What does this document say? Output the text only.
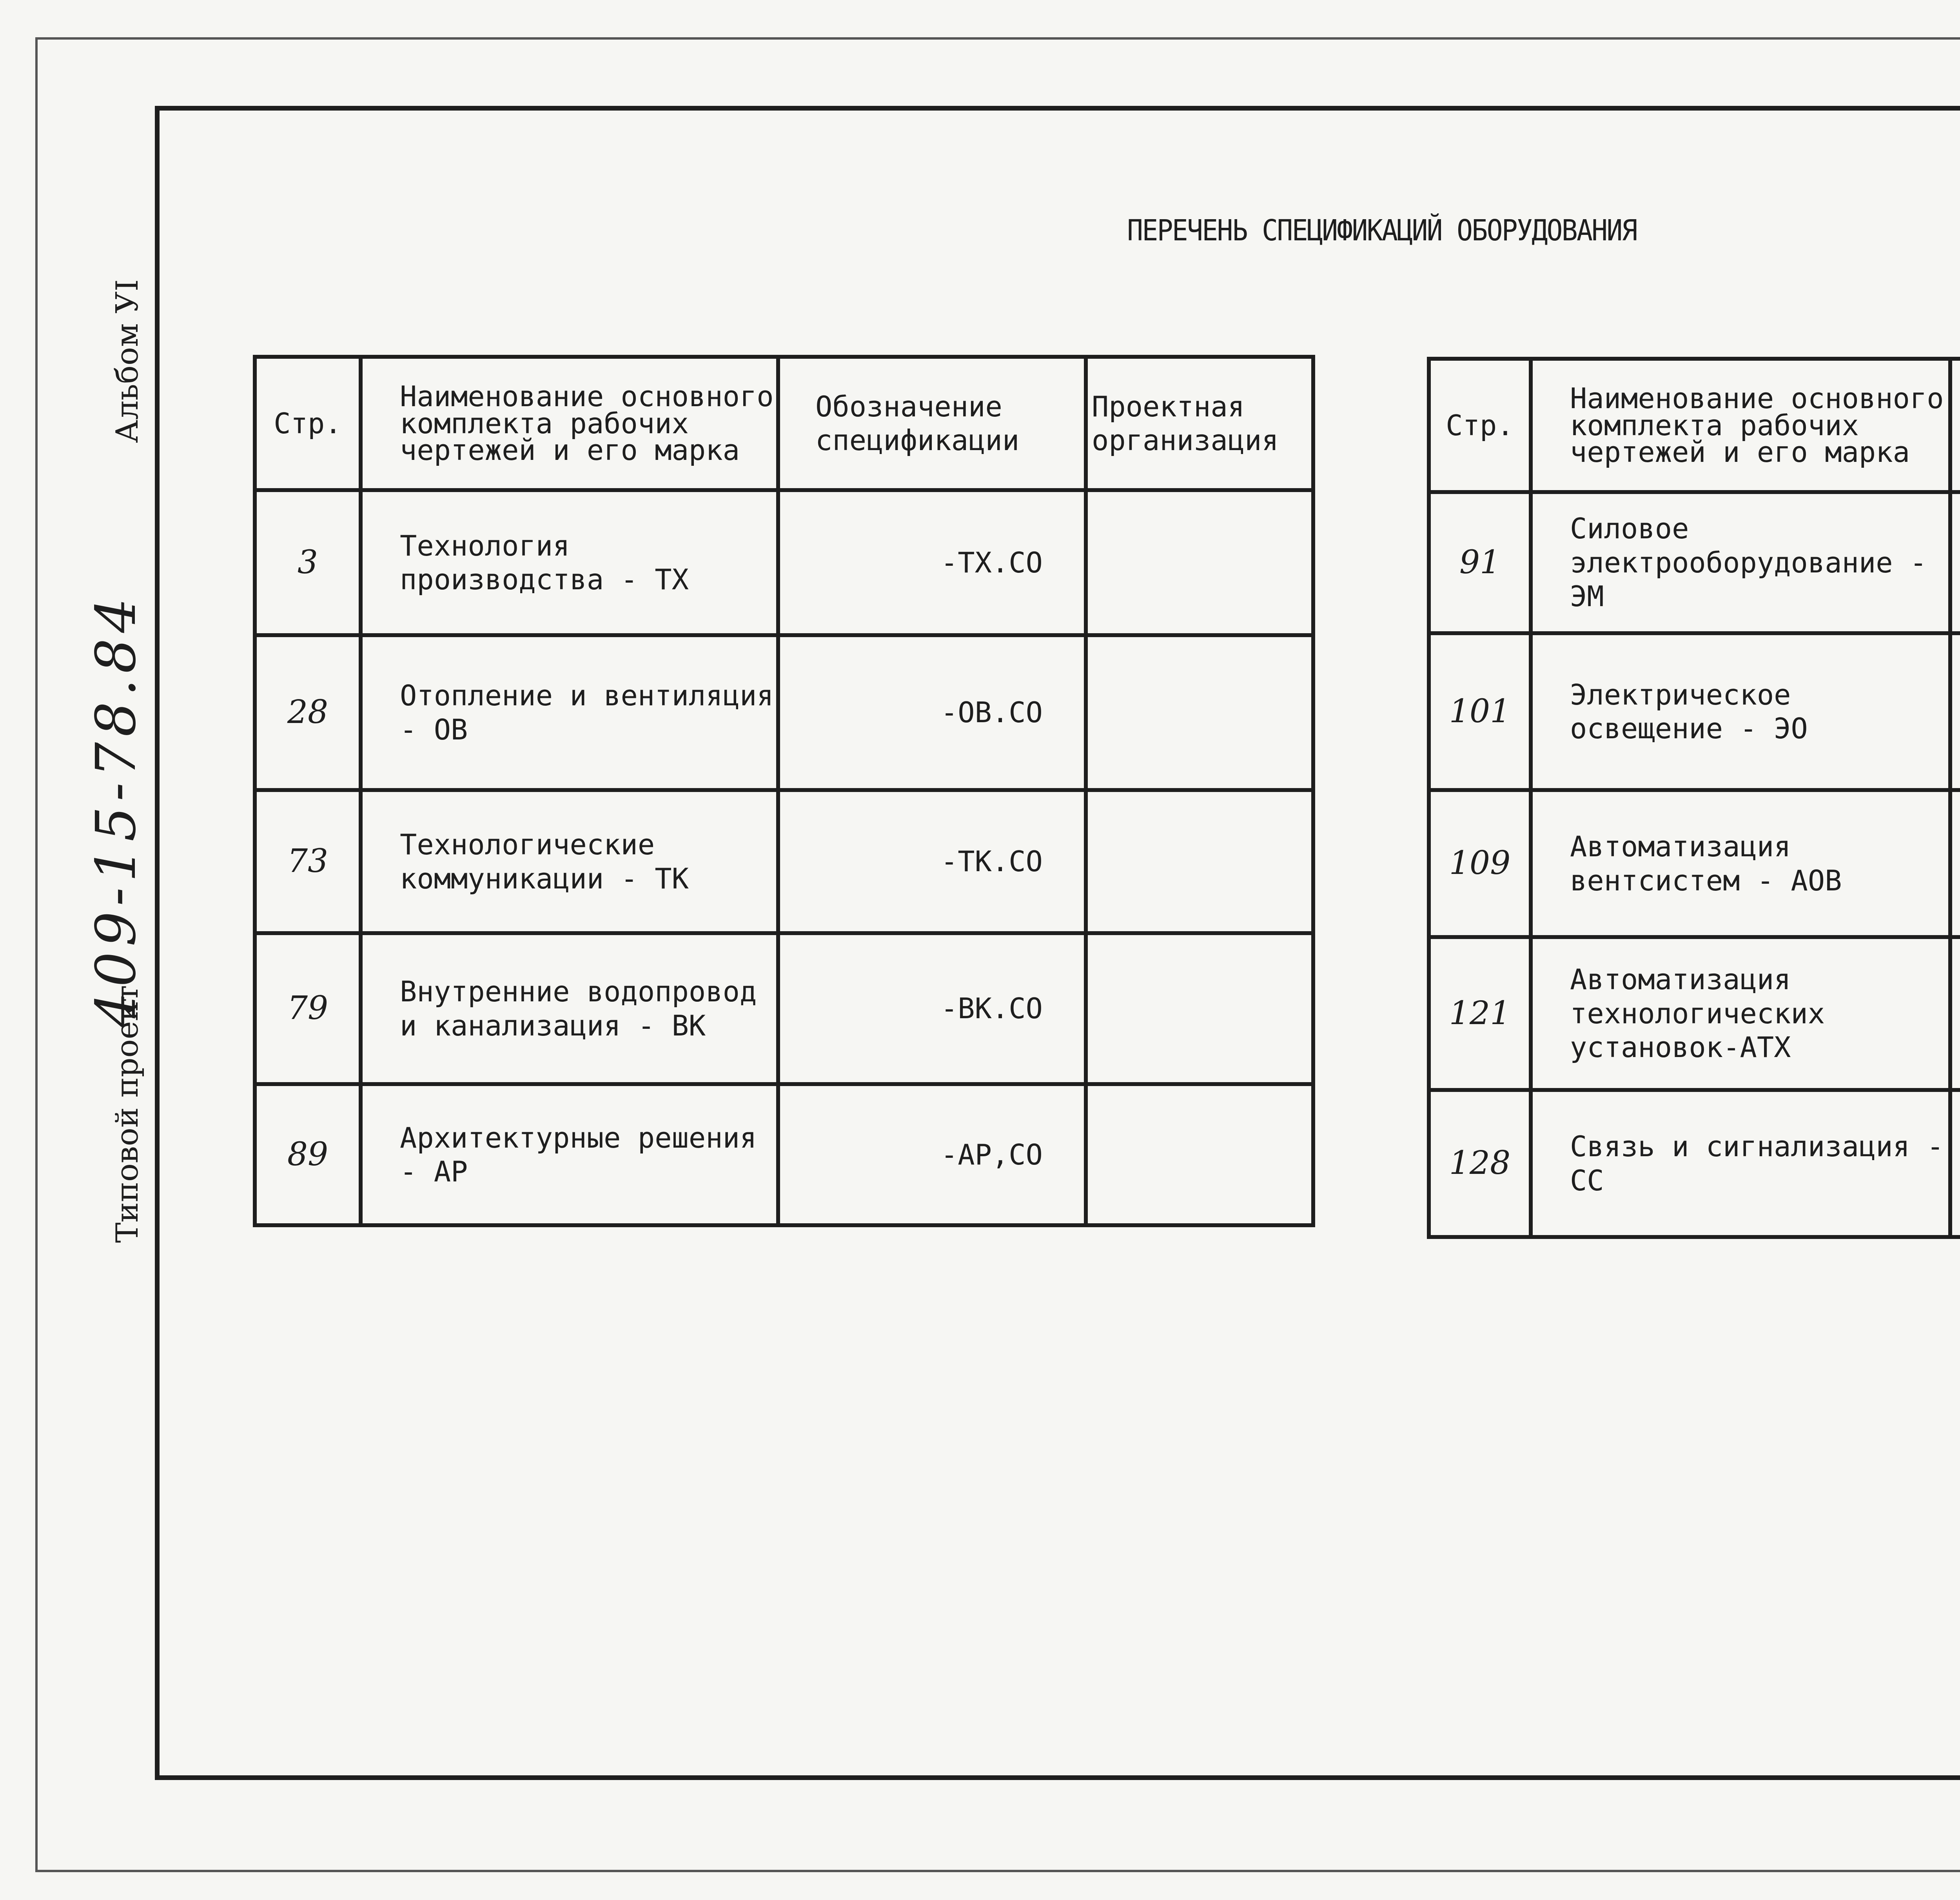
Альбом УI
409-15-78.84
Типовой проект
ПЕРЕЧЕНЬ СПЕЦИФИКАЦИЙ ОБОРУДОВАНИЯ
Стр.	Наименование основного комплекта рабочих чертежей и его марка	Обозначение спецификации	Проектная организация
3	Технология производства - ТХ	-ТХ.СО	
28	Отопление и вентиляция - ОВ	-ОВ.СО	
73	Технологические коммуникации - ТК	-ТК.СО	
79	Внутренние водопровод и канализация - ВК	-ВК.СО	
89	Архитектурные решения - АР	-АР,СО	
Стр.	Наименование основного комплекта рабочих чертежей и его марка		
91	Силовое электрооборудование - ЭМ		
101	Электрическое освещение - ЭО		
109	Автоматизация вентсистем - АОВ		
121	Автоматизация технологических установок-АТХ		
128	Связь и сигнализация - СС		
